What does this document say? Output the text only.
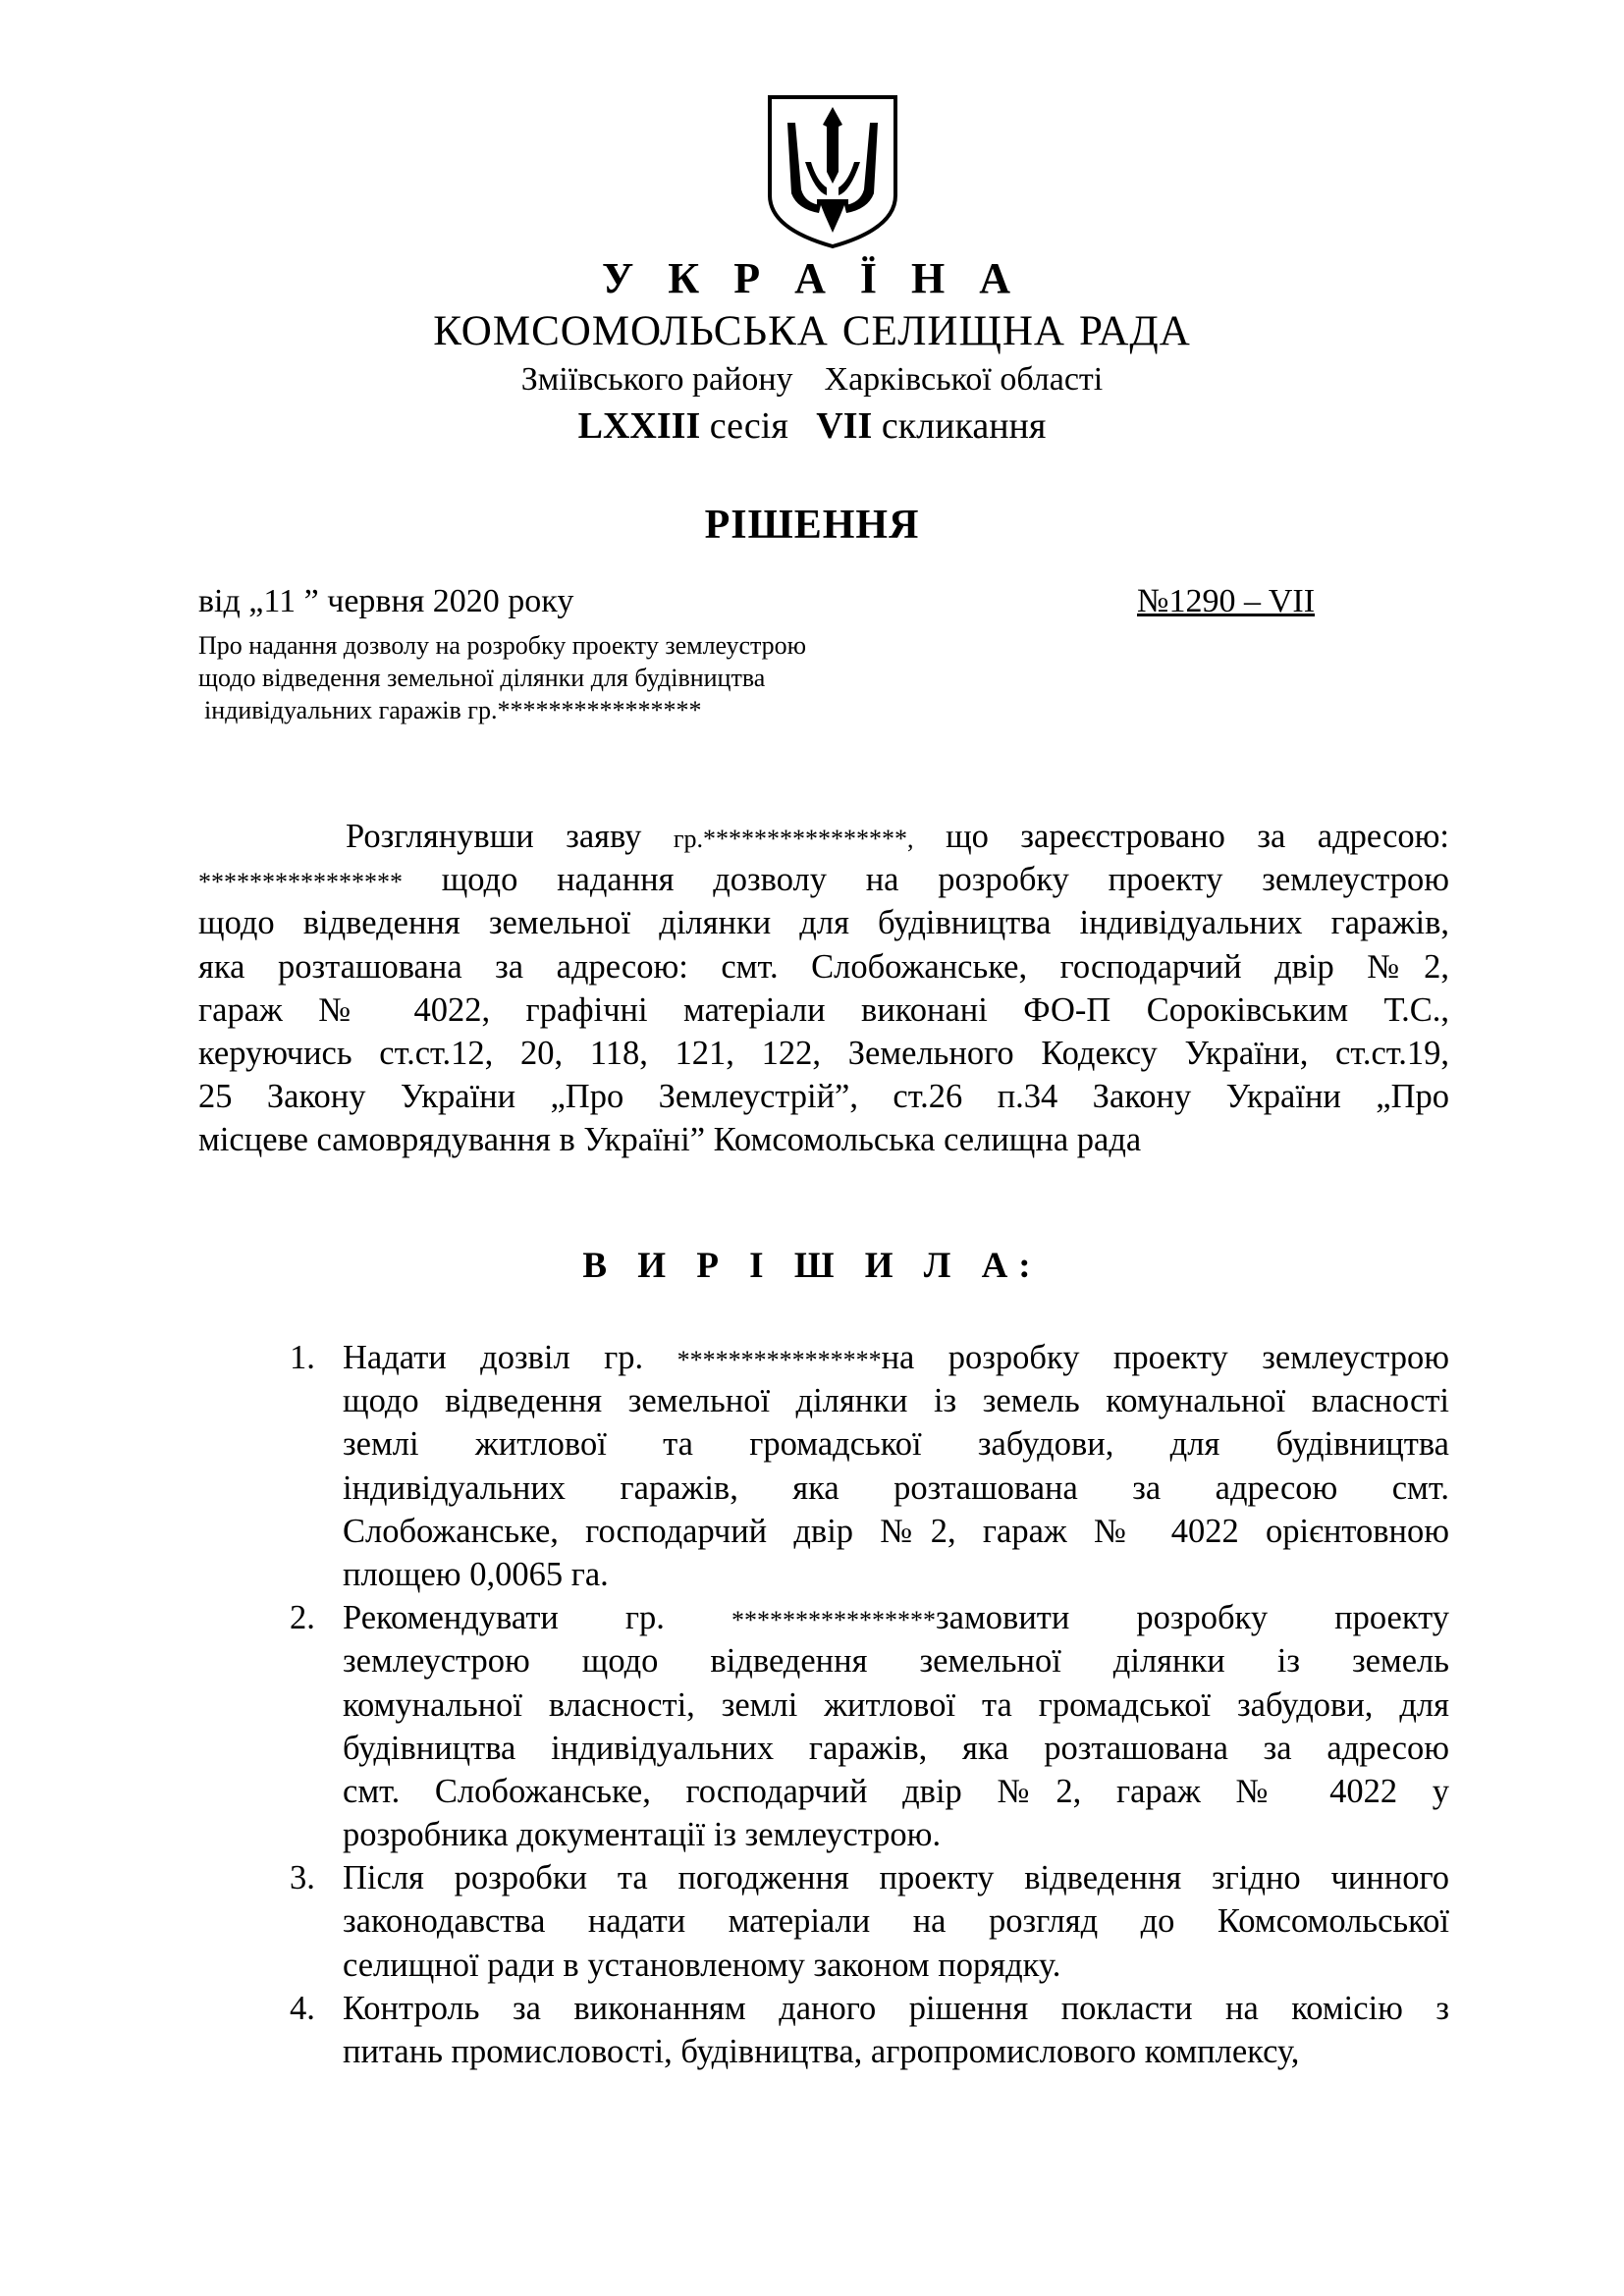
У К Р А Ї Н А
КОМСОМОЛЬСЬКА СЕЛИЩНА РАДА
Зміївського району Харківської області
LXXIII сесія VII скликання
РІШЕННЯ
від „11 ” червня 2020 року	№1290 – VII
Про надання дозволу на розробку проекту землеустрою
щодо відведення земельної ділянки для будівництва
індивідуальних гаражів гр.****************
Розглянувши заяву гр.****************, що зареєстровано за адресою:
**************** щодо надання дозволу на розробку проекту землеустрою
щодо відведення земельної ділянки для будівництва індивідуальних гаражів,
яка розташована за адресою: смт. Слобожанське, господарчий двір №2,
гараж № 4022, графічні матеріали виконані ФО-П Сороківським Т.С.,
керуючись ст.ст.12, 20, 118, 121, 122, Земельного Кодексу України, ст.ст.19,
25 Закону України „Про Землеустрій”, ст.26 п.34 Закону України „Про
місцеве самоврядування в Україні” Комсомольська селищна рада
В И Р І Ш И Л А:
1. Надати дозвіл гр. ****************на розробку проекту землеустрою
щодо відведення земельної ділянки із земель комунальної власності
землі житлової та громадської забудови, для будівництва
індивідуальних гаражів, яка розташована за адресою смт.
Слобожанське, господарчий двір №2, гараж № 4022 орієнтовною
площею 0,0065 га.
2. Рекомендувати гр.	****************замовити розробку проекту
землеустрою щодо відведення земельної ділянки із земель
комунальної власності, землі житлової та громадської забудови, для
будівництва індивідуальних гаражів, яка розташована за адресою
смт. Слобожанське, господарчий двір №2, гараж № 4022 у
розробника документації із землеустрою.
3. Після розробки та погодження проекту відведення згідно чинного
законодавства надати матеріали на розгляд до Комсомольської
селищної ради в установленому законом порядку.
4. Контроль за виконанням даного рішення покласти на комісію з
питань промисловості, будівництва, агропромислового комплексу,
